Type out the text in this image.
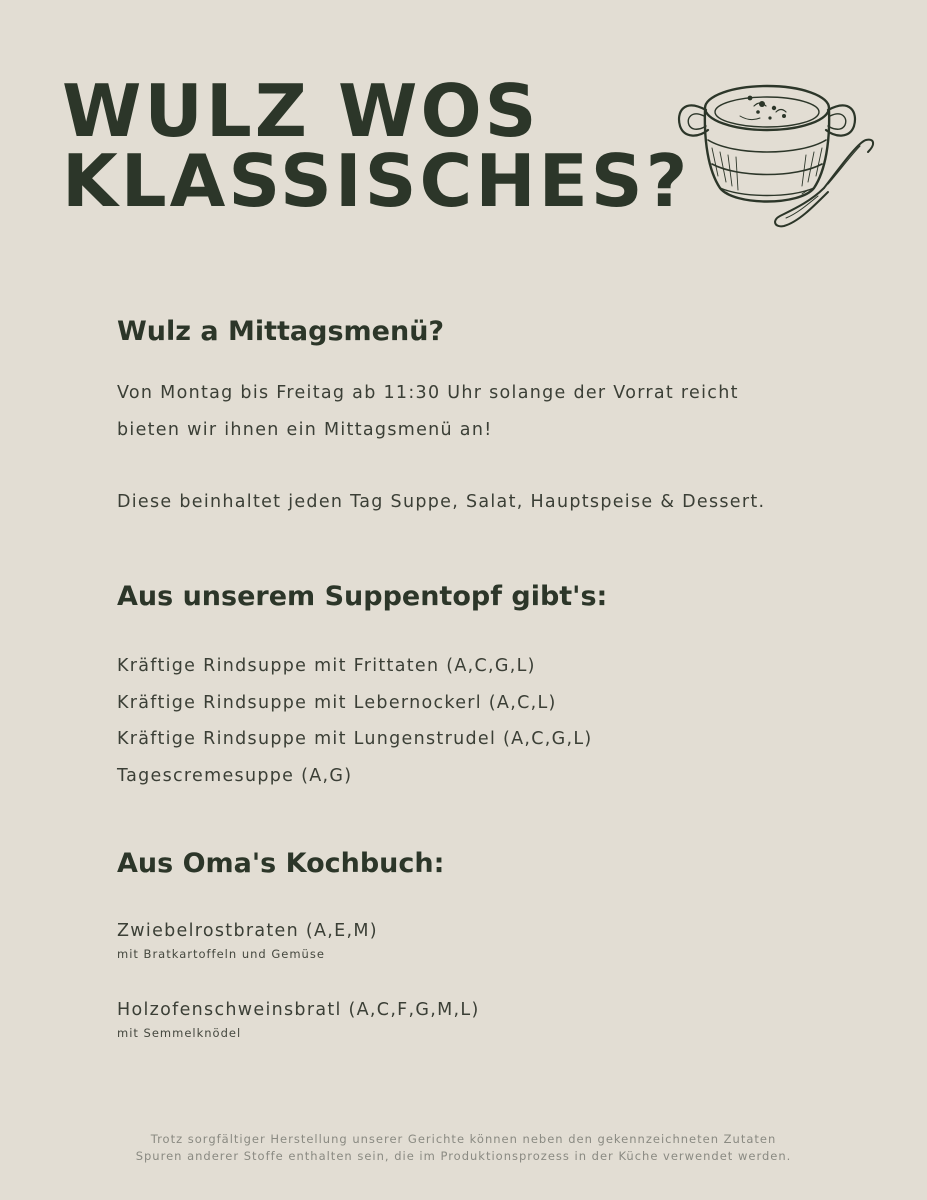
WULZ WOS
KLASSISCHES?
Wulz a Mittagsmenü?

Von Montag bis Freitag ab 11:30 Uhr solange der Vorrat reicht

bieten wir ihnen ein Mittagsmenü an!

Diese beinhaltet jeden Tag Suppe, Salat, Hauptspeise & Dessert.

Aus unserem Suppentopf gibt's:
Kräftige Rindsuppe mit Frittaten (A,C,G,L)
Kräftige Rindsuppe mit Lebernockerl (A,C,L)
Kräftige Rindsuppe mit Lungenstrudel (A,C,G,L)
Tagescremesuppe (A,G)
Aus Oma's Kochbuch:
Zwiebelrostbraten (A,E,M)
mit Bratkartoffeln und Gemüse
Holzofenschweinsbratl (A,C,F,G,M,L)
mit Semmelknödel
Trotz sorgfältiger Herstellung unserer Gerichte können neben den gekennzeichneten Zutaten
Spuren anderer Stoffe enthalten sein, die im Produktionsprozess in der Küche verwendet werden.
